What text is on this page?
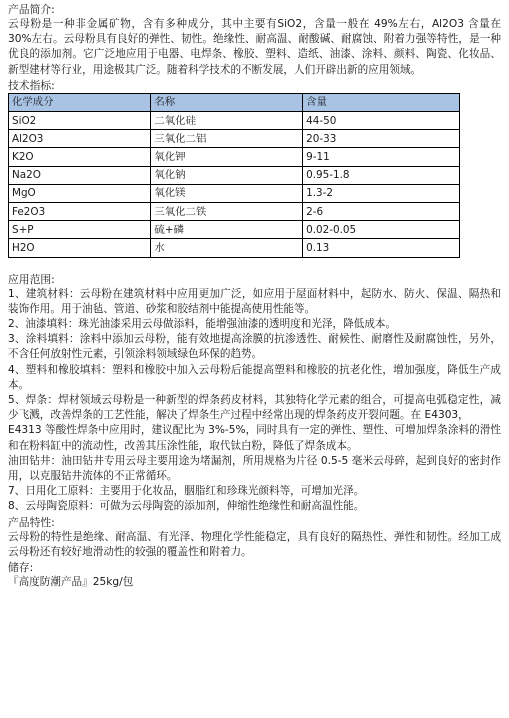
产品简介:

云母粉是一种非金属矿物，含有多种成分，其中主要有SiO2，含量一般在 49%左右，Al2O3 含量在 30%左右。云母粉具有良好的弹性、韧性。绝缘性、耐高温、耐酸碱、耐腐蚀、附着力强等特性，是一种优良的添加剂。它广泛地应用于电器、电焊条、橡胶、塑料、造纸、油漆、涂料、颜料、陶瓷、化妆品、新型建材等行业，用途极其广泛。随着科学技术的不断发展，人们开辟出新的应用领域。

技术指标:

化学成分	名称	含量
SiO2	二氧化硅	44-50
Al2O3	三氧化二铝	20-33
K2O	氧化钾	9-11
Na2O	氧化钠	0.95-1.8
MgO	氧化镁	1.3-2
Fe2O3	三氧化二铁	2-6
S+P	硫+磷	0.02-0.05
H2O	水	0.13

应用范围:

1、建筑材料：云母粉在建筑材料中应用更加广泛，如应用于屋面材料中，起防水、防火、保温、隔热和装饰作用。用于油毡、管道、砂浆和胶结剂中能提高使用性能等。

2、油漆填料：珠光油漆采用云母做添料，能增强油漆的透明度和光泽，降低成本。

3、涂料填料：涂料中添加云母粉，能有效地提高涂膜的抗渗透性、耐候性、耐磨性及耐腐蚀性，另外，不含任何放射性元素，引领涂料领域绿色环保的趋势。

4、塑料和橡胶填料：塑料和橡胶中加入云母粉后能提高塑料和橡胶的抗老化性，增加强度，降低生产成本。

5、焊条：焊材领域云母粉是一种新型的焊条药皮材料，其独特化学元素的组合，可提高电弧稳定性，减少飞溅，改善焊条的工艺性能，解决了焊条生产过程中经常出现的焊条药皮开裂问题。在 E4303，

E4313 等酸性焊条中应用时，建议配比为 3%-5%，同时具有一定的弹性、塑性、可增加焊条涂料的滑性和在粉料缸中的流动性，改善其压涂性能，取代钛白粉，降低了焊条成本。

油田钻井：油田钻井专用云母主要用途为堵漏剂，所用规格为片径 0.5-5 毫米云母碎，起到良好的密封作用，以克服钻井流体的不正常循环。

7、日用化工原料：主要用于化妆品，胭脂红和珍珠光颜料等，可增加光泽。

8、云母陶瓷原料：可做为云母陶瓷的添加剂，伸缩性绝缘性和耐高温性能。

产品特性:

云母粉的特性是绝缘、耐高温、有光泽、物理化学性能稳定，具有良好的隔热性、弹性和韧性。经加工成云母粉还有较好地滑动性的较强的覆盖性和附着力。

储存:

『高度防潮产品』25kg/包
